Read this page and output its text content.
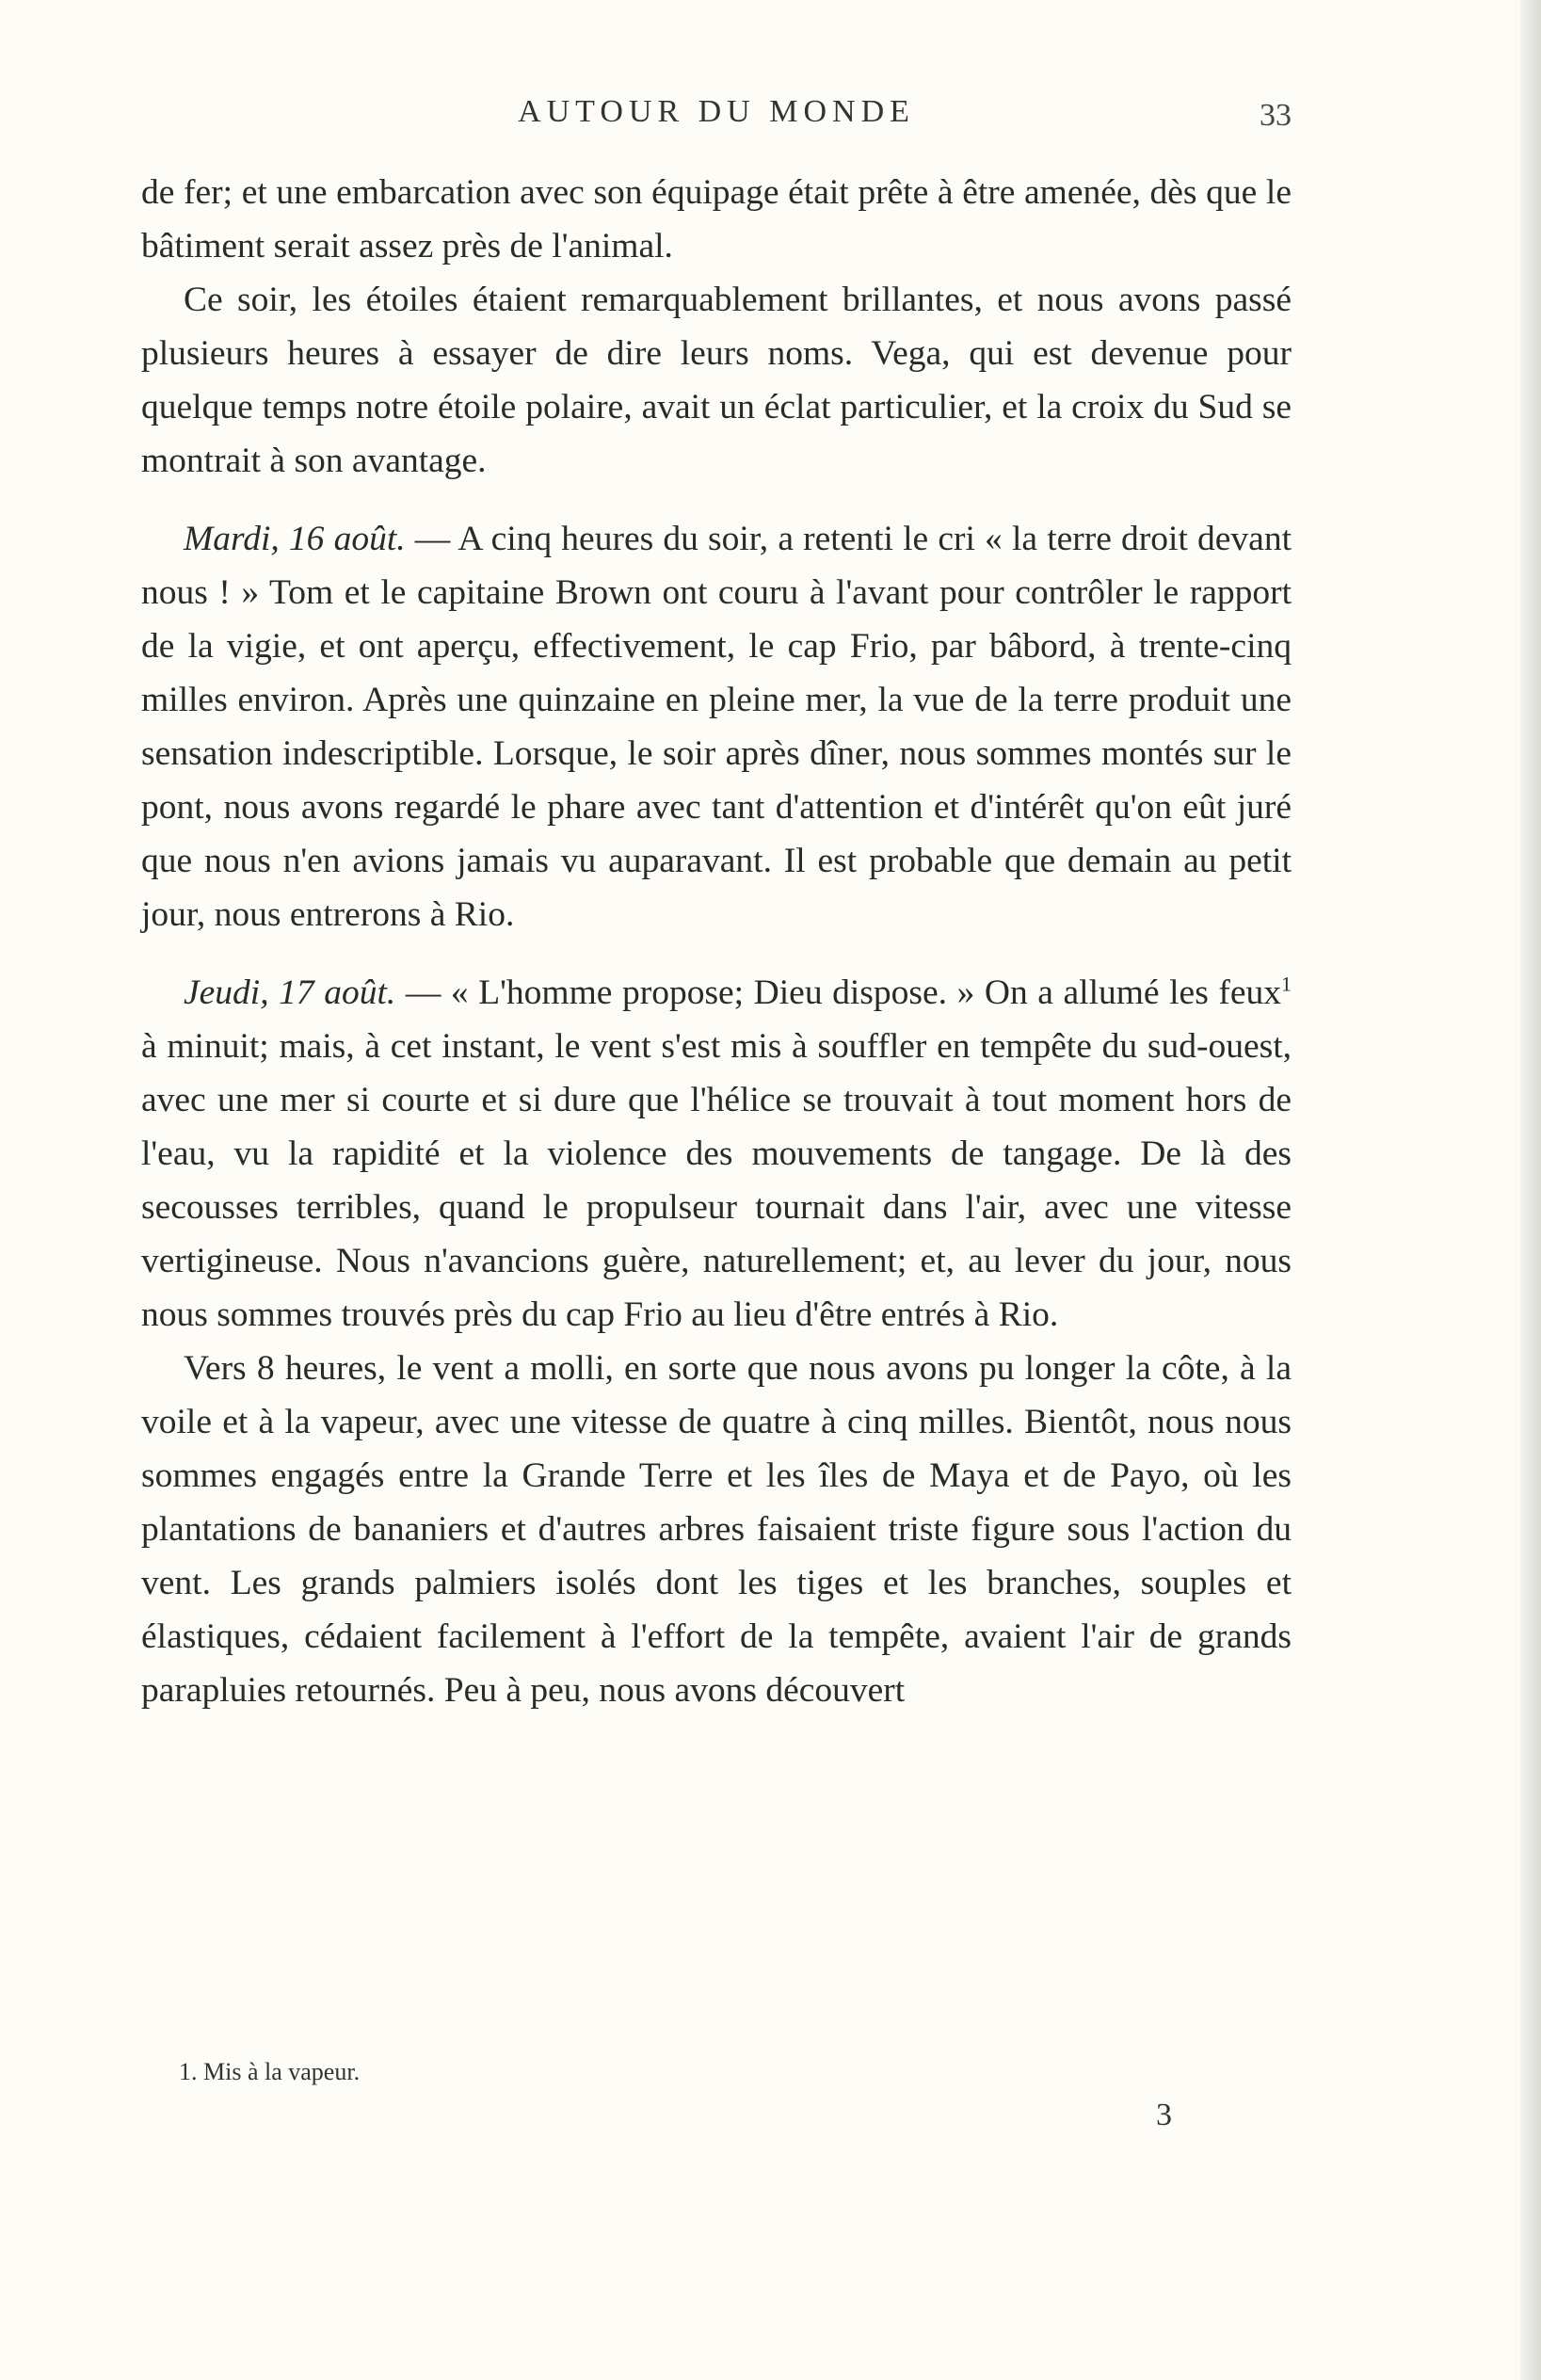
AUTOUR DU MONDE	33

de fer; et une embarcation avec son équipage était prête à être amenée, dès que le bâtiment serait assez près de l'animal.

Ce soir, les étoiles étaient remarquablement brillantes, et nous avons passé plusieurs heures à essayer de dire leurs noms. Vega, qui est devenue pour quelque temps notre étoile polaire, avait un éclat particulier, et la croix du Sud se montrait à son avantage.

Mardi, 16 août. — A cinq heures du soir, a retenti le cri « la terre droit devant nous ! » Tom et le capitaine Brown ont couru à l'avant pour contrôler le rapport de la vigie, et ont aperçu, effectivement, le cap Frio, par bâbord, à trente-cinq milles environ. Après une quinzaine en pleine mer, la vue de la terre produit une sensation indescriptible. Lorsque, le soir après dîner, nous sommes montés sur le pont, nous avons regardé le phare avec tant d'attention et d'intérêt qu'on eût juré que nous n'en avions jamais vu auparavant. Il est probable que demain au petit jour, nous entrerons à Rio.

Jeudi, 17 août. — « L'homme propose; Dieu dispose. » On a allumé les feux$^1$ à minuit; mais, à cet instant, le vent s'est mis à souffler en tempête du sud-ouest, avec une mer si courte et si dure que l'hélice se trouvait à tout moment hors de l'eau, vu la rapidité et la violence des mouvements de tangage. De là des secousses terribles, quand le propulseur tournait dans l'air, avec une vitesse vertigineuse. Nous n'avancions guère, naturellement; et, au lever du jour, nous nous sommes trouvés près du cap Frio au lieu d'être entrés à Rio.

Vers 8 heures, le vent a molli, en sorte que nous avons pu longer la côte, à la voile et à la vapeur, avec une vitesse de quatre à cinq milles. Bientôt, nous nous sommes engagés entre la Grande Terre et les îles de Maya et de Payo, où les plantations de bananiers et d'autres arbres faisaient triste figure sous l'action du vent. Les grands palmiers isolés dont les tiges et les branches, souples et élastiques, cédaient facilement à l'effort de la tempête, avaient l'air de grands parapluies retournés. Peu à peu, nous avons découvert

1. Mis à la vapeur.
3
